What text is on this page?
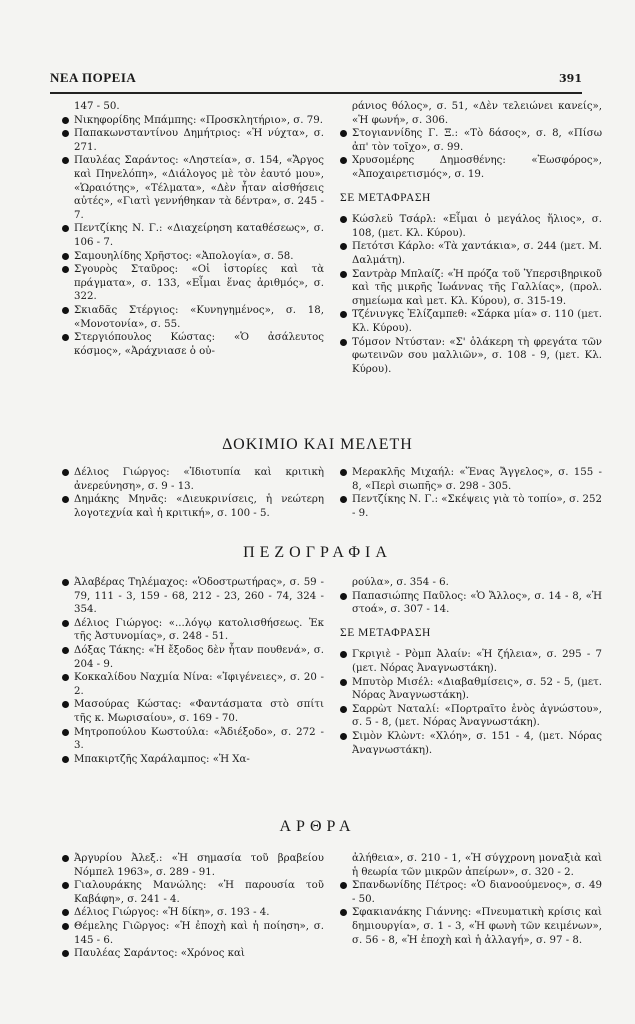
ΝΕΑ ΠΟΡΕΙΑ	391
147 - 50.
Νικηφορίδης Μπάμπης: «Προσκλητήριο», σ. 79.
Παπακωνσταντίνου Δημήτριος: «Ἡ νύχτα», σ. 271.
Παυλέας Σαράντος: «Ληστεία», σ. 154, «Ἄργος καὶ Πηνελόπη», «Διάλογος μὲ τὸν ἑαυτό μου», «Ὡραιότης», «Τέλματα», «Δὲν ἦταν αἰσθήσεις αὐτές», «Γιατὶ γεννήθηκαν τὰ δέντρα», σ. 245 - 7.
Πεντζίκης Ν. Γ.: «Διαχείρηση καταθέσεως», σ. 106 - 7.
Σαμουηλίδης Χρῆστος: «Ἀπολογία», σ. 58.
Σγουρὸς Σταῦρος: «Οἱ ἱστορίες καὶ τὰ πράγματα», σ. 133, «Εἶμαι ἕνας ἀριθμός», σ. 322.
Σκιαδᾶς Στέργιος: «Κυνηγημένος», σ. 18, «Μονοτονία», σ. 55.
Στεργιόπουλος Κώστας: «Ὁ ἀσάλευτος κόσμος», «Ἀράχνιασε ὁ οὐ-
ράνιος θόλος», σ. 51, «Δὲν τελειώνει κανείς», «Ἡ φωνή», σ. 306.
Στογιαννίδης Γ. Ξ.: «Τὸ δάσος», σ. 8, «Πίσω ἀπ' τὸν τοῖχο», σ. 99.
Χρυσομέρης Δημοσθένης: «Ἑωσφόρος», «Ἀποχαιρετισμός», σ. 19.
ΣΕ ΜΕΤΑΦΡΑΣΗ
Κώσλεϋ Τσάρλ: «Εἶμαι ὁ μεγάλος ἥλιος», σ. 108, (μετ. Κλ. Κύρου).
Πετότσι Κάρλο: «Τὰ χαντάκια», σ. 244 (μετ. Μ. Δαλμάτη).
Σαντρὰρ Μπλαίζ: «Ἡ πρόζα τοῦ Ὑπερσιβηρικοῦ καὶ τῆς μικρῆς Ἰωάννας τῆς Γαλλίας», (προλ. σημείωμα καὶ μετ. Κλ. Κύρου), σ. 315-19.
Τζένινγκς Ἐλίζαμπεθ: «Σάρκα μία» σ. 110 (μετ. Κλ. Κύρου).
Τόμσον Ντύσταν: «Σ' ὁλάκερη τὴ φρεγάτα τῶν φωτεινῶν σου μαλλιῶν», σ. 108 - 9, (μετ. Κλ. Κύρου).
ΔΟΚΙΜΙΟ ΚΑΙ ΜΕΛΕΤΗ
Δέλιος Γιώργος: «Ἰδιοτυπία καὶ κριτικὴ ἀνερεύνηση», σ. 9 - 13.
Δημάκης Μηνᾶς: «Διευκρινίσεις, ἡ νεώτερη λογοτεχνία καὶ ἡ κριτική», σ. 100 - 5.
Μερακλῆς Μιχαήλ: «Ἕνας Ἄγγελος», σ. 155 - 8, «Περὶ σιωπῆς» σ. 298 - 305.
Πεντζίκης Ν. Γ.: «Σκέψεις γιὰ τὸ τοπίο», σ. 252 - 9.
ΠΕΖΟΓΡΑΦΙΑ
Ἀλαβέρας Τηλέμαχος: «Ὁδοστρωτήρας», σ. 59 - 79, 111 - 3, 159 - 68, 212 - 23, 260 - 74, 324 - 354.
Δέλιος Γιώργος: «...λόγῳ κατολισθήσεως. Ἐκ τῆς Ἀστυνομίας», σ. 248 - 51.
Δόξας Τάκης: «Ἡ ἔξοδος δὲν ἦταν πουθενά», σ. 204 - 9.
Κοκκαλίδου Ναχμία Νίνα: «Ἰφιγένειες», σ. 20 - 2.
Μασούρας Κώστας: «Φαντάσματα στὸ σπίτι τῆς κ. Μωρισαίου», σ. 169 - 70.
Μητροπούλου Κωστούλα: «Ἀδιέξοδο», σ. 272 - 3.
Μπακιρτζῆς Χαράλαμπος: «Ἡ Χα-
ρούλα», σ. 354 - 6.
Παπασιώπης Παῦλος: «Ὁ Ἄλλος», σ. 14 - 8, «Ἡ στοά», σ. 307 - 14.
ΣΕ ΜΕΤΑΦΡΑΣΗ
Γκριγιὲ - Ρὸμπ Ἀλαίν: «Ἡ ζήλεια», σ. 295 - 7 (μετ. Νόρας Ἀναγνωστάκη).
Μπυτὸρ Μισέλ: «Διαβαθμίσεις», σ. 52 - 5, (μετ. Νόρας Ἀναγνωστάκη).
Σαρρὼτ Ναταλί: «Πορτραῖτο ἑνὸς ἀγνώστου», σ. 5 - 8, (μετ. Νόρας Ἀναγνωστάκη).
Σιμὸν Κλὼντ: «Χλόη», σ. 151 - 4, (μετ. Νόρας Ἀναγνωστάκη).
ΑΡΘΡΑ
Ἀργυρίου Ἀλεξ.: «Ἡ σημασία τοῦ βραβείου Νόμπελ 1963», σ. 289 - 91.
Γιαλουράκης Μανώλης: «Ἡ παρουσία τοῦ Καβάφη», σ. 241 - 4.
Δέλιος Γιώργος: «Ἡ δίκη», σ. 193 - 4.
Θέμελης Γιῶργος: «Ἡ ἐποχὴ καὶ ἡ ποίηση», σ. 145 - 6.
Παυλέας Σαράντος: «Χρόνος καὶ
ἀλήθεια», σ. 210 - 1, «Ἡ σύγχρονη μοναξιὰ καὶ ἡ θεωρία τῶν μικρῶν ἀπείρων», σ. 320 - 2.
Σπανδωνίδης Πέτρος: «Ὁ διανοούμενος», σ. 49 - 50.
Σφακιανάκης Γιάννης: «Πνευματικὴ κρίσις καὶ δημιουργία», σ. 1 - 3, «Ἡ φωνὴ τῶν κειμένων», σ. 56 - 8, «Ἡ ἐποχὴ καὶ ἡ ἀλλαγή», σ. 97 - 8.
